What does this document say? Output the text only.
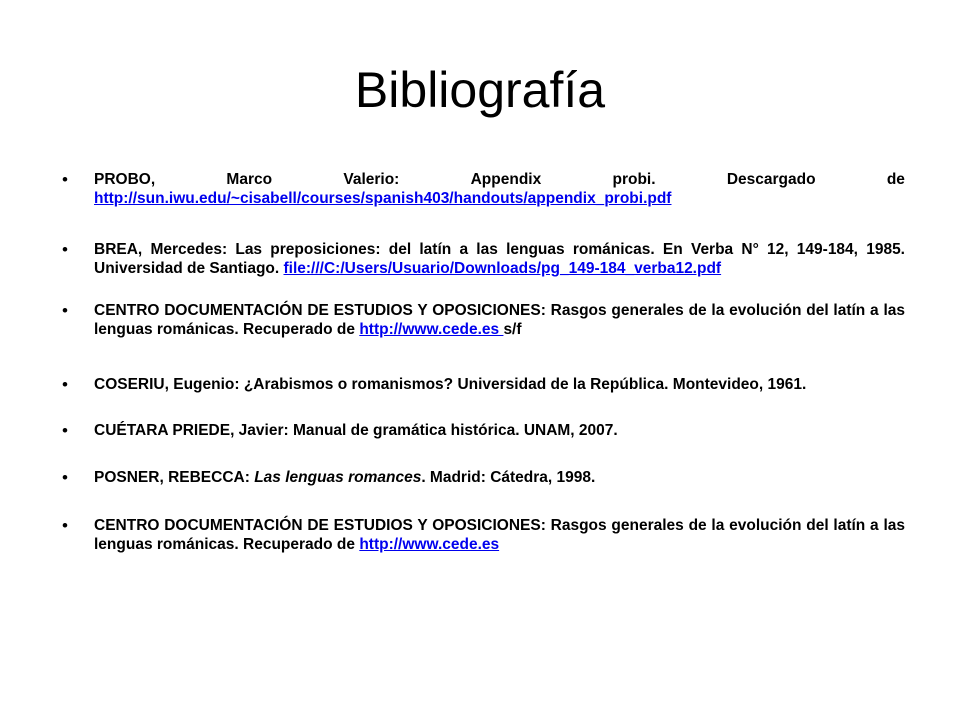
Bibliografía
• PROBO,	Marco	Valerio:	Appendix	probi.	Descargado	de
http://sun.iwu.edu/~cisabell/courses/spanish403/handouts/appendix_probi.pdf
• BREA, Mercedes: Las preposiciones: del latín a las lenguas románicas. En Verba N° 12, 149-184, 1985. Universidad de Santiago. file:///C:/Users/Usuario/Downloads/pg_149-184_verba12.pdf
• CENTRO DOCUMENTACIÓN DE ESTUDIOS Y OPOSICIONES: Rasgos generales de la evolución del latín a las lenguas románicas. Recuperado de http://www.cede.es s/f
• COSERIU, Eugenio: ¿Arabismos o romanismos? Universidad de la República. Montevideo, 1961.
• CUÉTARA PRIEDE, Javier: Manual de gramática histórica. UNAM, 2007.
• POSNER, REBECCA: Las lenguas romances. Madrid: Cátedra, 1998.
• CENTRO DOCUMENTACIÓN DE ESTUDIOS Y OPOSICIONES: Rasgos generales de la evolución del latín a las lenguas románicas. Recuperado de http://www.cede.es
